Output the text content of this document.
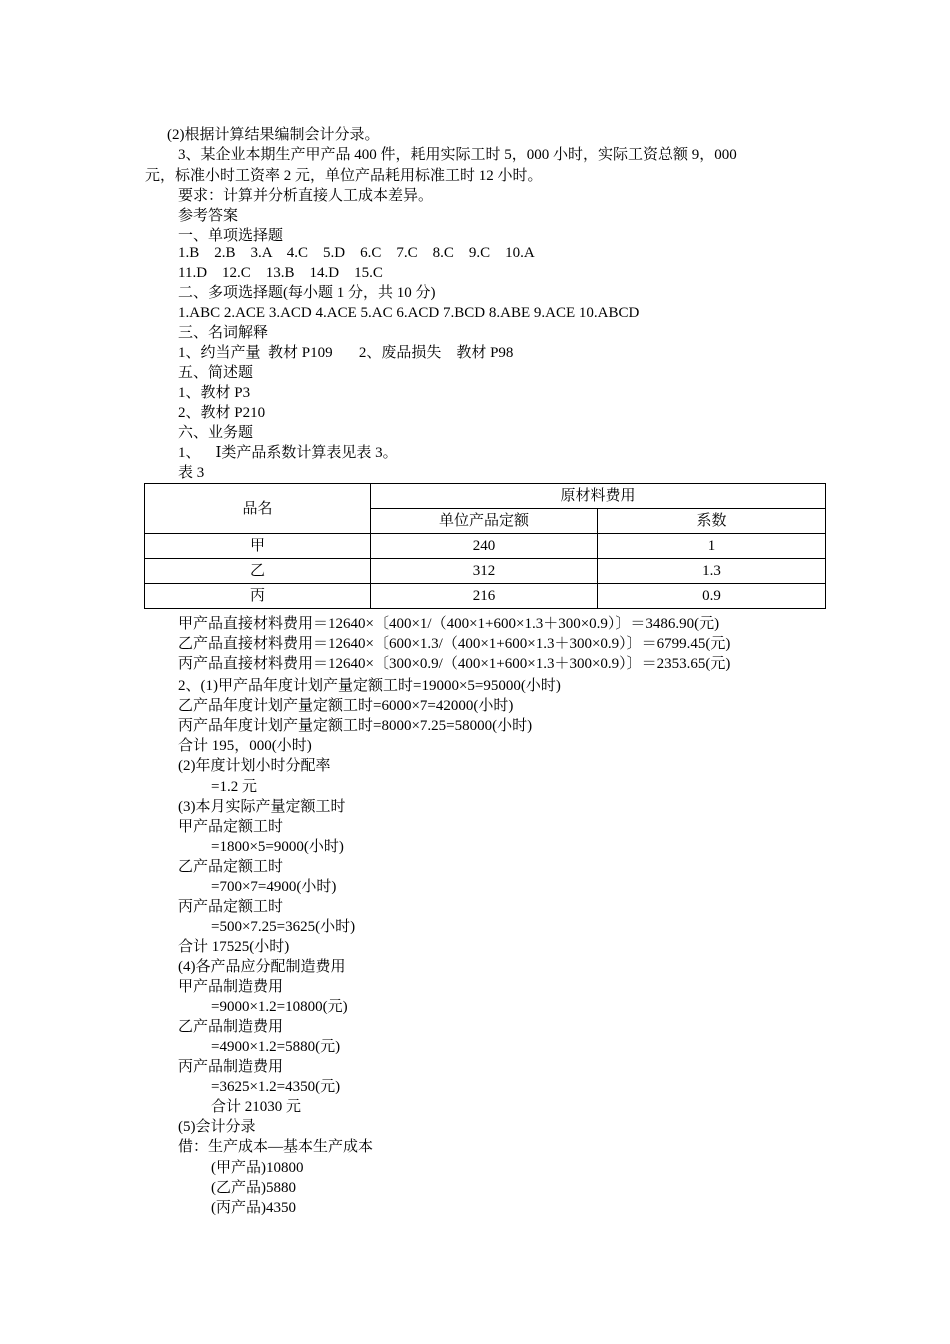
(2)根据计算结果编制会计分录。
3、某企业本期生产甲产品 400 件，耗用实际工时 5，000 小时，实际工资总额 9，000
元，标准小时工资率 2 元，单位产品耗用标准工时 12 小时。
要求：计算并分析直接人工成本差异。
参考答案
一、单项选择题
1.B    2.B    3.A    4.C    5.D    6.C    7.C    8.C    9.C    10.A
11.D    12.C    13.B    14.D    15.C
二、多项选择题(每小题 1 分，共 10 分)
1.ABC 2.ACE 3.ACD 4.ACE 5.AC 6.ACD 7.BCD 8.ABE 9.ACE 10.ABCD
三、名词解释
1、约当产量  教材 P109       2、废品损失    教材 P98
五、简述题
1、教材 P3
2、教材 P210
六、业务题
1、    Ⅰ类产品系数计算表见表 3。
表 3
品名	原材料费用	
	单位产品定额	系数
甲	240	1
乙	312	1.3
丙	216	0.9
甲产品直接材料费用＝12640×〔400×1/（400×1+600×1.3＋300×0.9）〕＝3486.90(元)
乙产品直接材料费用＝12640×〔600×1.3/（400×1+600×1.3＋300×0.9）〕＝6799.45(元)
丙产品直接材料费用＝12640×〔300×0.9/（400×1+600×1.3＋300×0.9）〕＝2353.65(元)
2、(1)甲产品年度计划产量定额工时=19000×5=95000(小时)
乙产品年度计划产量定额工时=6000×7=42000(小时)
丙产品年度计划产量定额工时=8000×7.25=58000(小时)
合计 195，000(小时)
(2)年度计划小时分配率
=1.2 元
(3)本月实际产量定额工时
甲产品定额工时
=1800×5=9000(小时)
乙产品定额工时
=700×7=4900(小时)
丙产品定额工时
=500×7.25=3625(小时)
合计 17525(小时)
(4)各产品应分配制造费用
甲产品制造费用
=9000×1.2=10800(元)
乙产品制造费用
=4900×1.2=5880(元)
丙产品制造费用
=3625×1.2=4350(元)
合计 21030 元
(5)会计分录
借：生产成本—基本生产成本
(甲产品)10800
(乙产品)5880
(丙产品)4350
